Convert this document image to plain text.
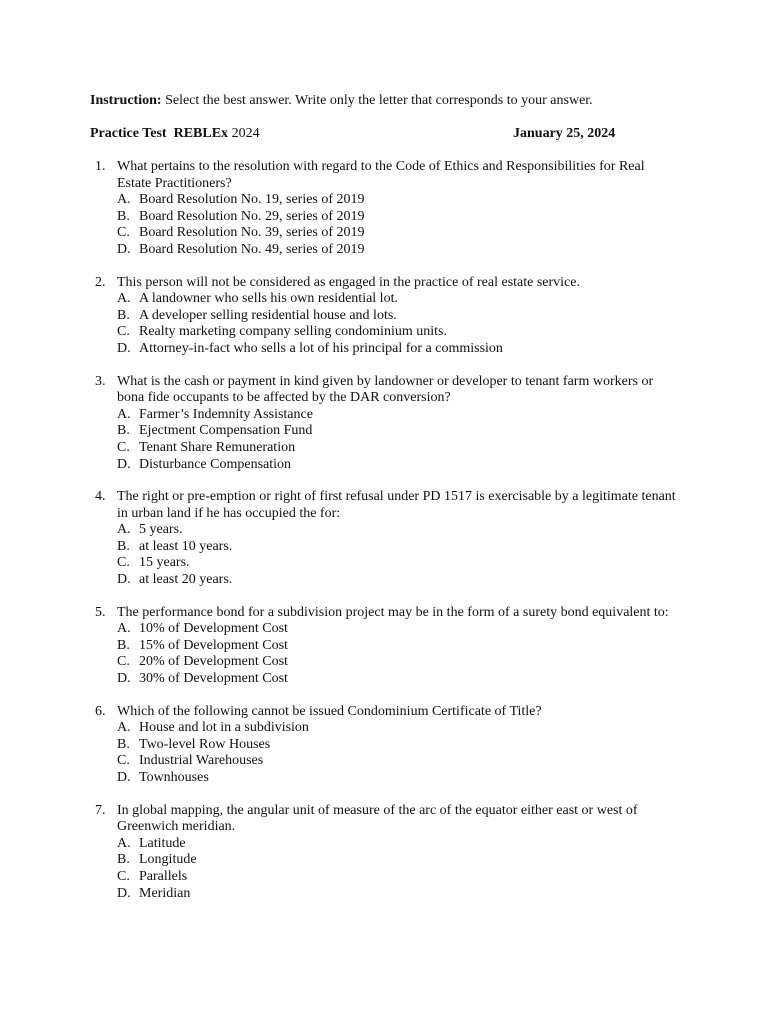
Instruction: Select the best answer. Write only the letter that corresponds to your answer.
Practice Test REBLEx 2024	January 25, 2024
1. What pertains to the resolution with regard to the Code of Ethics and Responsibilities for Real Estate Practitioners?
A. Board Resolution No. 19, series of 2019
B. Board Resolution No. 29, series of 2019
C. Board Resolution No. 39, series of 2019
D. Board Resolution No. 49, series of 2019
2. This person will not be considered as engaged in the practice of real estate service.
A. A landowner who sells his own residential lot.
B. A developer selling residential house and lots.
C. Realty marketing company selling condominium units.
D. Attorney-in-fact who sells a lot of his principal for a commission
3. What is the cash or payment in kind given by landowner or developer to tenant farm workers or bona fide occupants to be affected by the DAR conversion?
A. Farmer’s Indemnity Assistance
B. Ejectment Compensation Fund
C. Tenant Share Remuneration
D. Disturbance Compensation
4. The right or pre-emption or right of first refusal under PD 1517 is exercisable by a legitimate tenant in urban land if he has occupied the for:
A. 5 years.
B. at least 10 years.
C. 15 years.
D. at least 20 years.
5. The performance bond for a subdivision project may be in the form of a surety bond equivalent to:
A. 10% of Development Cost
B. 15% of Development Cost
C. 20% of Development Cost
D. 30% of Development Cost
6. Which of the following cannot be issued Condominium Certificate of Title?
A. House and lot in a subdivision
B. Two-level Row Houses
C. Industrial Warehouses
D. Townhouses
7. In global mapping, the angular unit of measure of the arc of the equator either east or west of Greenwich meridian.
A. Latitude
B. Longitude
C. Parallels
D. Meridian
